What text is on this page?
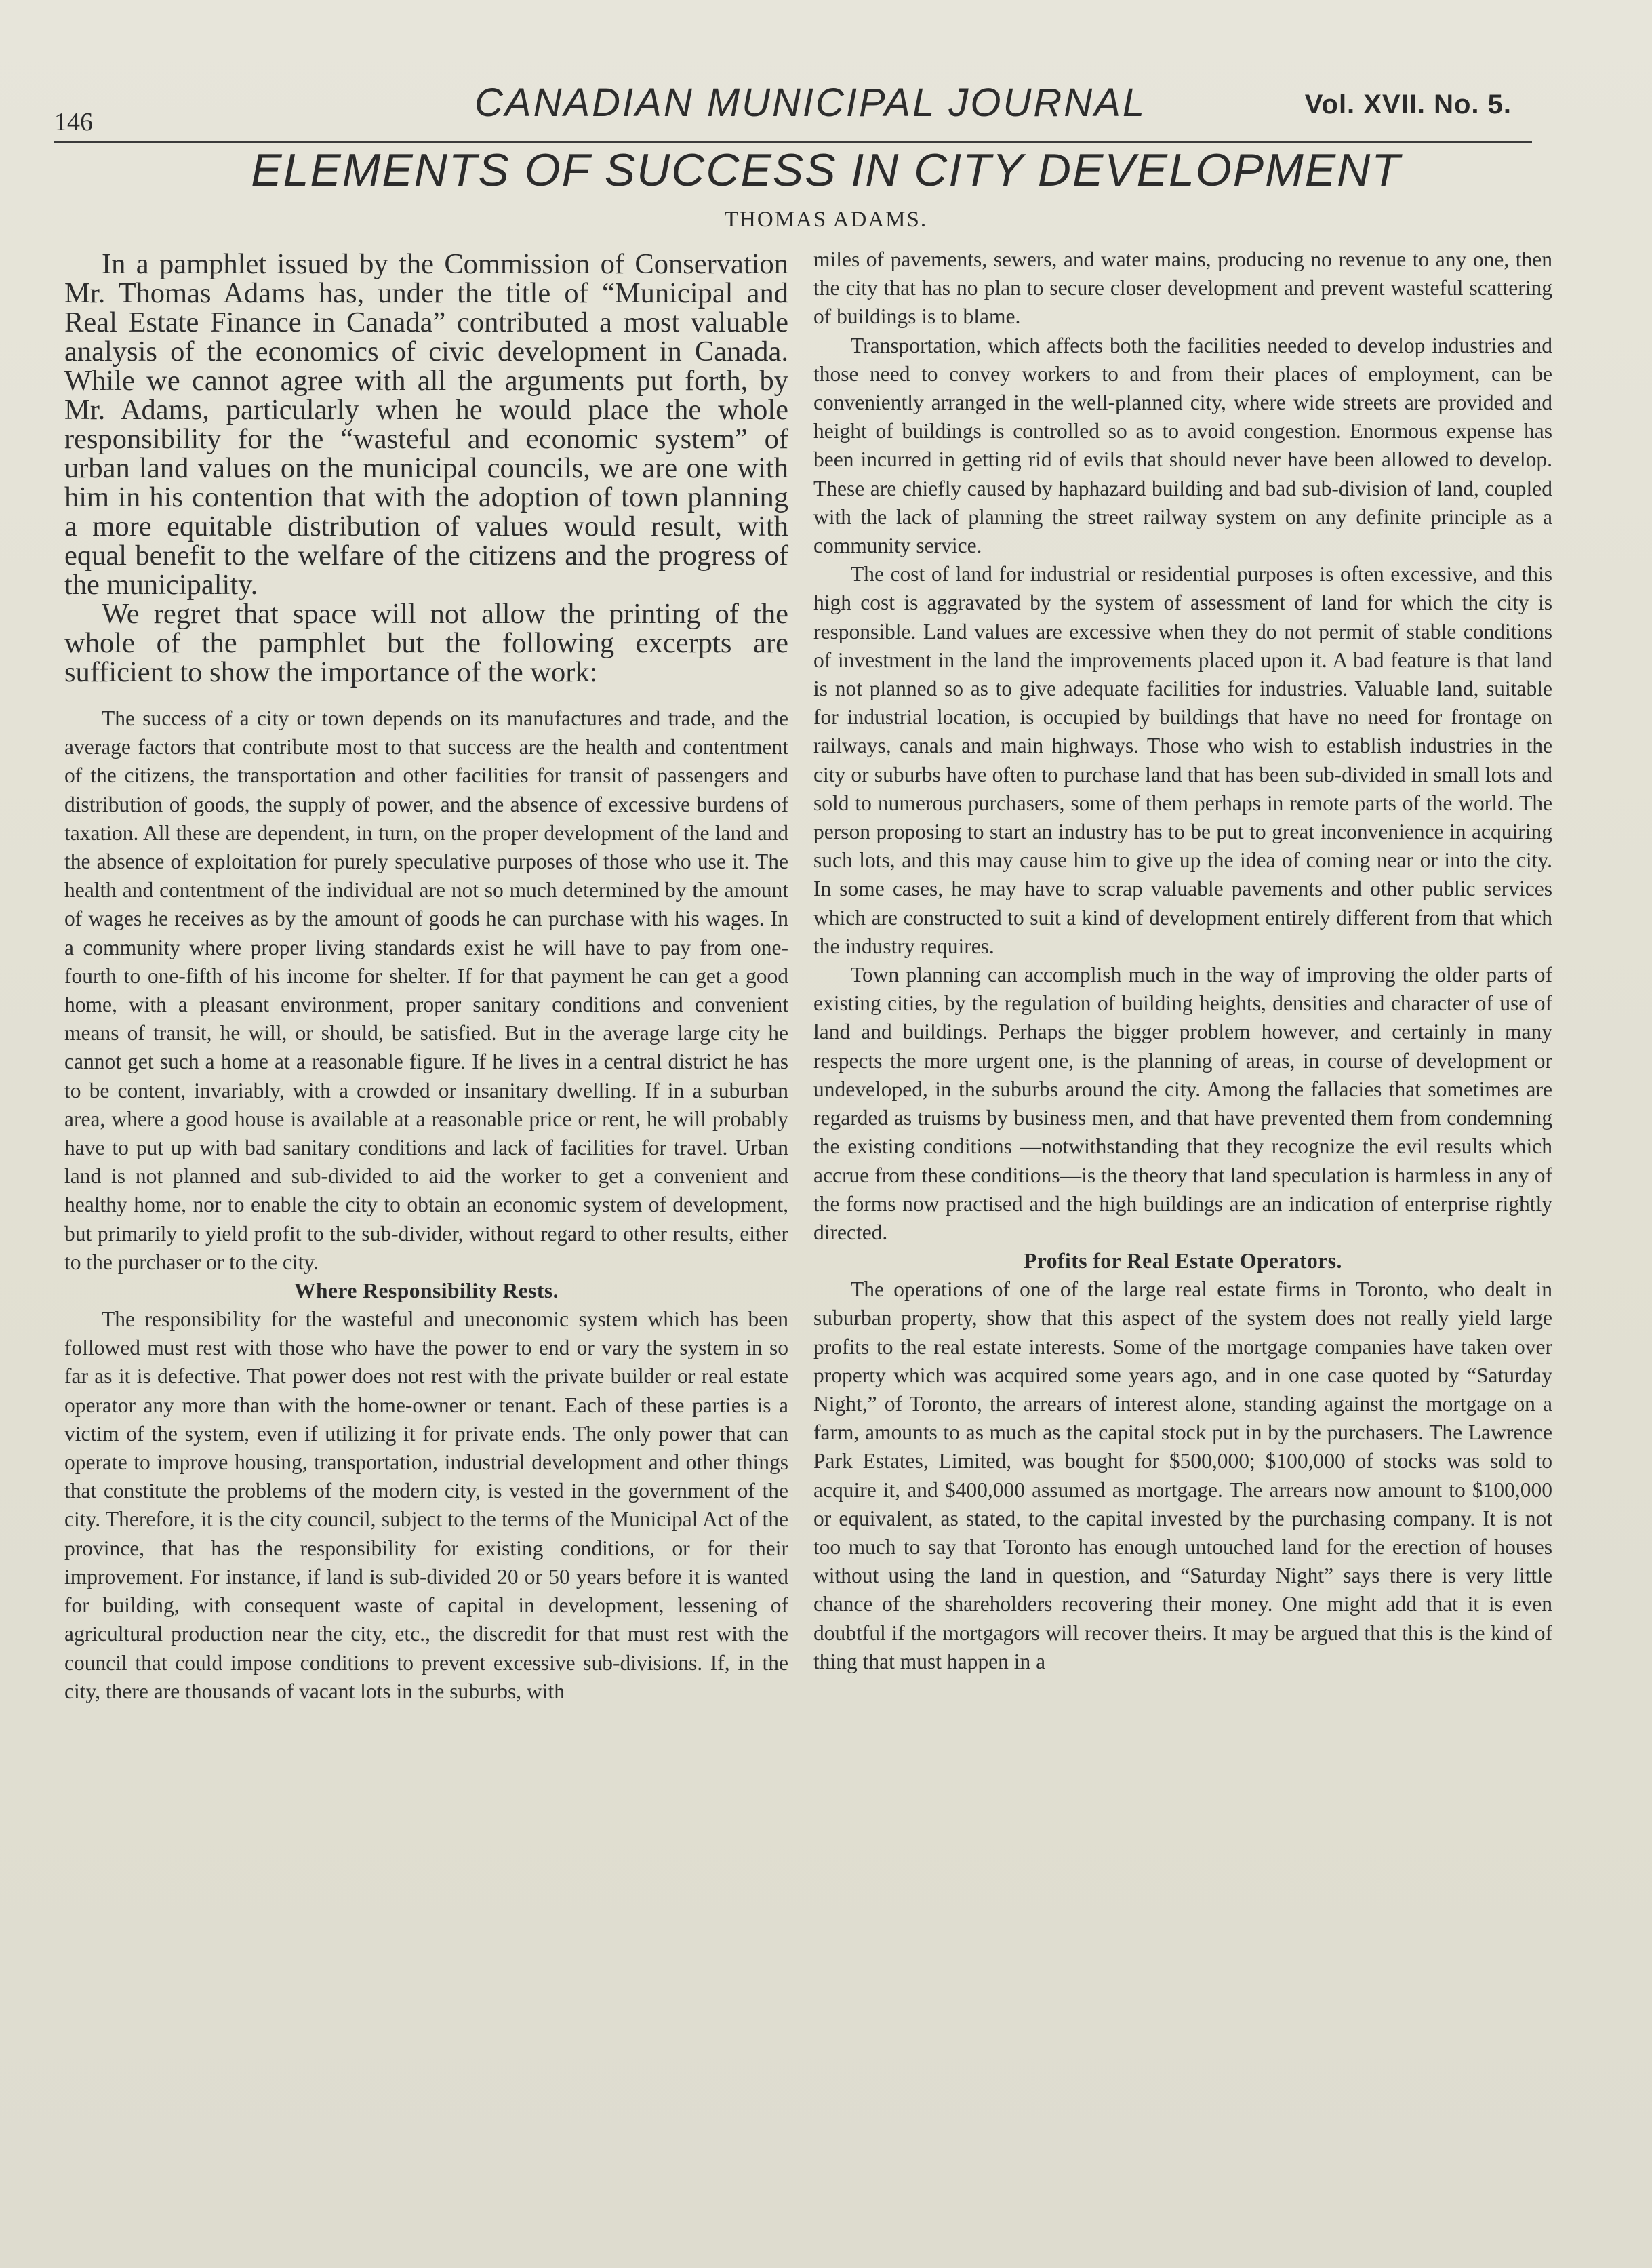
146	CANADIAN MUNICIPAL JOURNAL	Vol. XVII. No. 5.
ELEMENTS OF SUCCESS IN CITY DEVELOPMENT
THOMAS ADAMS.

In a pamphlet issued by the Commission of Conservation Mr. Thomas Adams has, under the title of “Municipal and Real Estate Finance in Canada” contributed a most valuable analysis of the economics of civic development in Canada. While we cannot agree with all the arguments put forth, by Mr. Adams, particularly when he would place the whole responsibility for the “wasteful and economic system” of urban land values on the municipal councils, we are one with him in his contention that with the adoption of town planning a more equitable distribution of values would result, with equal benefit to the welfare of the citizens and the progress of the municipality.

We regret that space will not allow the printing of the whole of the pamphlet but the following excerpts are sufficient to show the importance of the work:

The success of a city or town depends on its manufactures and trade, and the average factors that contribute most to that success are the health and contentment of the citizens, the transportation and other facilities for transit of passengers and distribution of goods, the supply of power, and the absence of excessive burdens of taxation. All these are dependent, in turn, on the proper development of the land and the absence of exploitation for purely speculative purposes of those who use it. The health and contentment of the individual are not so much determined by the amount of wages he receives as by the amount of goods he can purchase with his wages. In a community where proper living standards exist he will have to pay from one-fourth to one-fifth of his income for shelter. If for that payment he can get a good home, with a pleasant environment, proper sanitary conditions and convenient means of transit, he will, or should, be satisfied. But in the average large city he cannot get such a home at a reasonable figure. If he lives in a central district he has to be content, invariably, with a crowded or insanitary dwelling. If in a suburban area, where a good house is available at a reasonable price or rent, he will probably have to put up with bad sanitary conditions and lack of facilities for travel. Urban land is not planned and sub-divided to aid the worker to get a convenient and healthy home, nor to enable the city to obtain an economic system of development, but primarily to yield profit to the sub-divider, without regard to other results, either to the purchaser or to the city.

Where Responsibility Rests.

The responsibility for the wasteful and uneconomic system which has been followed must rest with those who have the power to end or vary the system in so far as it is defective. That power does not rest with the private builder or real estate operator any more than with the home-owner or tenant. Each of these parties is a victim of the system, even if utilizing it for private ends. The only power that can operate to improve housing, transportation, industrial development and other things that constitute the problems of the modern city, is vested in the government of the city. Therefore, it is the city council, subject to the terms of the Municipal Act of the province, that has the responsibility for existing conditions, or for their improvement. For instance, if land is sub-divided 20 or 50 years before it is wanted for building, with consequent waste of capital in development, lessening of agricultural production near the city, etc., the discredit for that must rest with the council that could impose conditions to prevent excessive sub-divisions. If, in the city, there are thousands of vacant lots in the suburbs, with

miles of pavements, sewers, and water mains, producing no revenue to any one, then the city that has no plan to secure closer development and prevent wasteful scattering of buildings is to blame.

Transportation, which affects both the facilities needed to develop industries and those need to convey workers to and from their places of employment, can be conveniently arranged in the well-planned city, where wide streets are provided and height of buildings is controlled so as to avoid congestion. Enormous expense has been incurred in getting rid of evils that should never have been allowed to develop. These are chiefly caused by haphazard building and bad sub-division of land, coupled with the lack of planning the street railway system on any definite principle as a community service.

The cost of land for industrial or residential purposes is often excessive, and this high cost is aggravated by the system of assessment of land for which the city is responsible. Land values are excessive when they do not permit of stable conditions of investment in the land the improvements placed upon it. A bad feature is that land is not planned so as to give adequate facilities for industries. Valuable land, suitable for industrial location, is occupied by buildings that have no need for frontage on railways, canals and main highways. Those who wish to establish industries in the city or suburbs have often to purchase land that has been sub-divided in small lots and sold to numerous purchasers, some of them perhaps in remote parts of the world. The person proposing to start an industry has to be put to great inconvenience in acquiring such lots, and this may cause him to give up the idea of coming near or into the city. In some cases, he may have to scrap valuable pavements and other public services which are constructed to suit a kind of development entirely different from that which the industry requires.

Town planning can accomplish much in the way of improving the older parts of existing cities, by the regulation of building heights, densities and character of use of land and buildings. Perhaps the bigger problem however, and certainly in many respects the more urgent one, is the planning of areas, in course of development or undeveloped, in the suburbs around the city. Among the fallacies that sometimes are regarded as truisms by business men, and that have prevented them from condemning the existing conditions —notwithstanding that they recognize the evil results which accrue from these conditions—is the theory that land speculation is harmless in any of the forms now practised and the high buildings are an indication of enterprise rightly directed.

Profits for Real Estate Operators.

The operations of one of the large real estate firms in Toronto, who dealt in suburban property, show that this aspect of the system does not really yield large profits to the real estate interests. Some of the mortgage companies have taken over property which was acquired some years ago, and in one case quoted by “Saturday Night,” of Toronto, the arrears of interest alone, standing against the mortgage on a farm, amounts to as much as the capital stock put in by the purchasers. The Lawrence Park Estates, Limited, was bought for $500,000; $100,000 of stocks was sold to acquire it, and $400,000 assumed as mortgage. The arrears now amount to $100,000 or equivalent, as stated, to the capital invested by the purchasing company. It is not too much to say that Toronto has enough untouched land for the erection of houses without using the land in question, and “Saturday Night” says there is very little chance of the shareholders recovering their money. One might add that it is even doubtful if the mortgagors will recover theirs. It may be argued that this is the kind of thing that must happen in a
